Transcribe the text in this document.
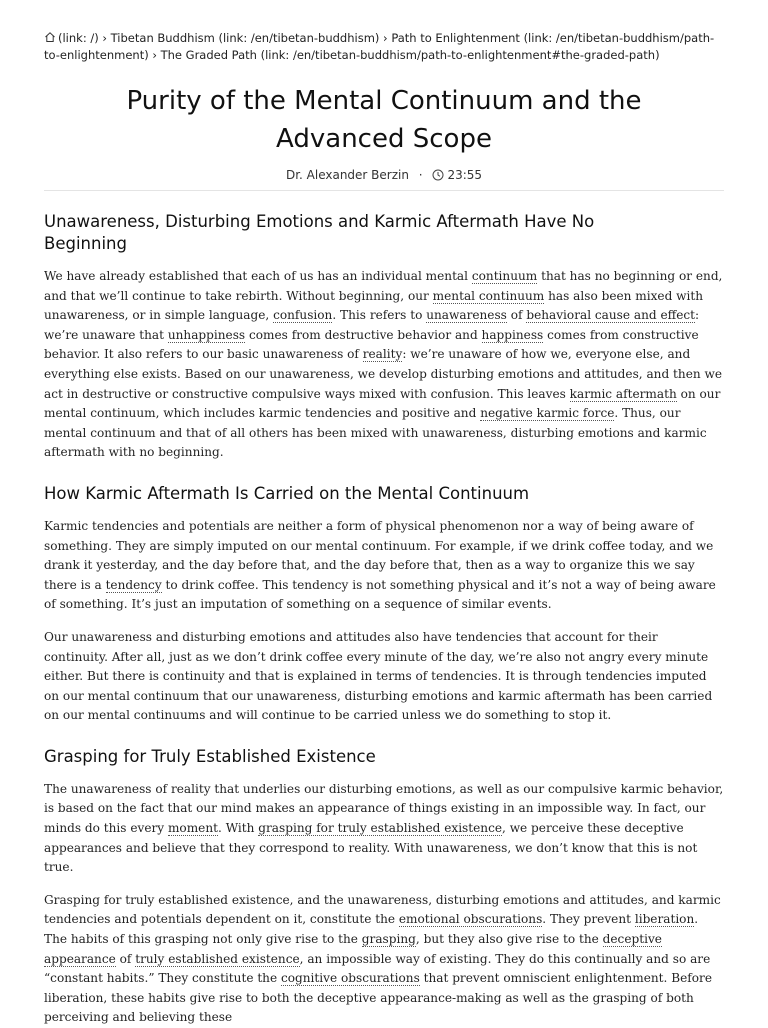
(link: /) › Tibetan Buddhism (link: /en/tibetan-buddhism) › Path to Enlightenment (link: /en/tibetan-buddhism/path-to-enlightenment) › The Graded Path (link: /en/tibetan-buddhism/path-to-enlightenment#the-graded-path)
Purity of the Mental Continuum and the Advanced Scope
Dr. Alexander Berzin · 23:55
Unawareness, Disturbing Emotions and Karmic Aftermath Have No Beginning

We have already established that each of us has an individual mental continuum that has no beginning or end, and that we’ll continue to take rebirth. Without beginning, our mental continuum has also been mixed with unawareness, or in simple language, confusion. This refers to unawareness of behavioral cause and effect: we’re unaware that unhappiness comes from destructive behavior and happiness comes from constructive behavior. It also refers to our basic unawareness of reality: we’re unaware of how we, everyone else, and everything else exists. Based on our unawareness, we develop disturbing emotions and attitudes, and then we act in destructive or constructive compulsive ways mixed with confusion. This leaves karmic aftermath on our mental continuum, which includes karmic tendencies and positive and negative karmic force. Thus, our mental continuum and that of all others has been mixed with unawareness, disturbing emotions and karmic aftermath with no beginning.

How Karmic Aftermath Is Carried on the Mental Continuum

Karmic tendencies and potentials are neither a form of physical phenomenon nor a way of being aware of something. They are simply imputed on our mental continuum. For example, if we drink coffee today, and we drank it yesterday, and the day before that, and the day before that, then as a way to organize this we say there is a tendency to drink coffee. This tendency is not something physical and it’s not a way of being aware of something. It’s just an imputation of something on a sequence of similar events.

Our unawareness and disturbing emotions and attitudes also have tendencies that account for their continuity. After all, just as we don’t drink coffee every minute of the day, we’re also not angry every minute either. But there is continuity and that is explained in terms of tendencies. It is through tendencies imputed on our mental continuum that our unawareness, disturbing emotions and karmic aftermath has been carried on our mental continuums and will continue to be carried unless we do something to stop it.

Grasping for Truly Established Existence

The unawareness of reality that underlies our disturbing emotions, as well as our compulsive karmic behavior, is based on the fact that our mind makes an appearance of things existing in an impossible way. In fact, our minds do this every moment. With grasping for truly established existence, we perceive these deceptive appearances and believe that they correspond to reality. With unawareness, we don’t know that this is not true.

Grasping for truly established existence, and the unawareness, disturbing emotions and attitudes, and karmic tendencies and potentials dependent on it, constitute the emotional obscurations. They prevent liberation. The habits of this grasping not only give rise to the grasping, but they also give rise to the deceptive appearance of truly established existence, an impossible way of existing. They do this continually and so are “constant habits.” They constitute the cognitive obscurations that prevent omniscient enlightenment. Before liberation, these habits give rise to both the deceptive appearance-making as well as the grasping of both perceiving and believing these
